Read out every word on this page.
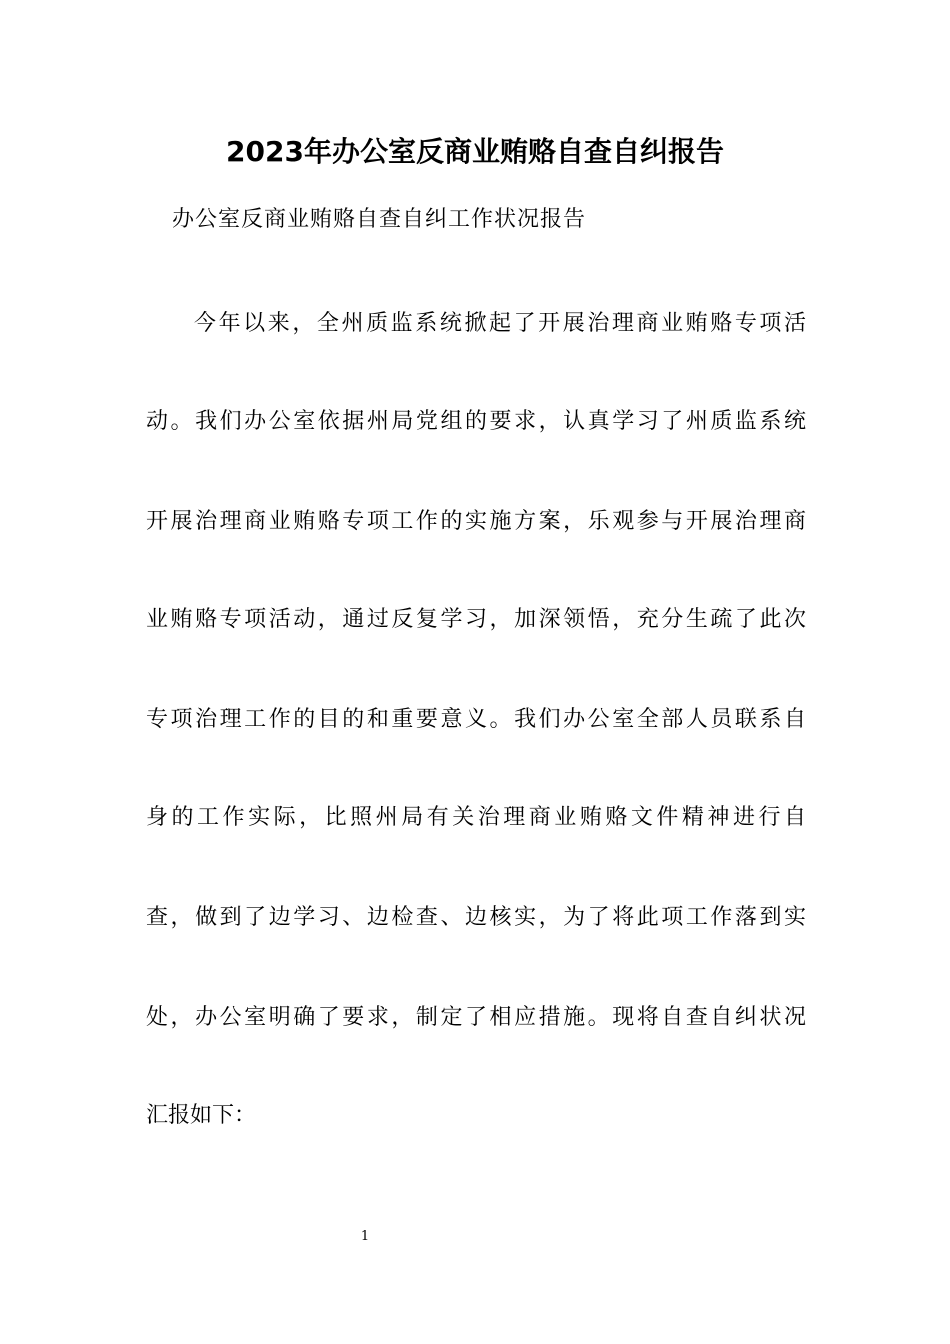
2023年办公室反商业贿赂自查自纠报告
办公室反商业贿赂自查自纠工作状况报告
今年以来，全州质监系统掀起了开展治理商业贿赂专项活
动。我们办公室依据州局党组的要求，认真学习了州质监系统
开展治理商业贿赂专项工作的实施方案，乐观参与开展治理商
业贿赂专项活动，通过反复学习，加深领悟，充分生疏了此次
专项治理工作的目的和重要意义。我们办公室全部人员联系自
身的工作实际，比照州局有关治理商业贿赂文件精神进行自
查，做到了边学习、边检查、边核实，为了将此项工作落到实
处，办公室明确了要求，制定了相应措施。现将自查自纠状况
汇报如下：
1
